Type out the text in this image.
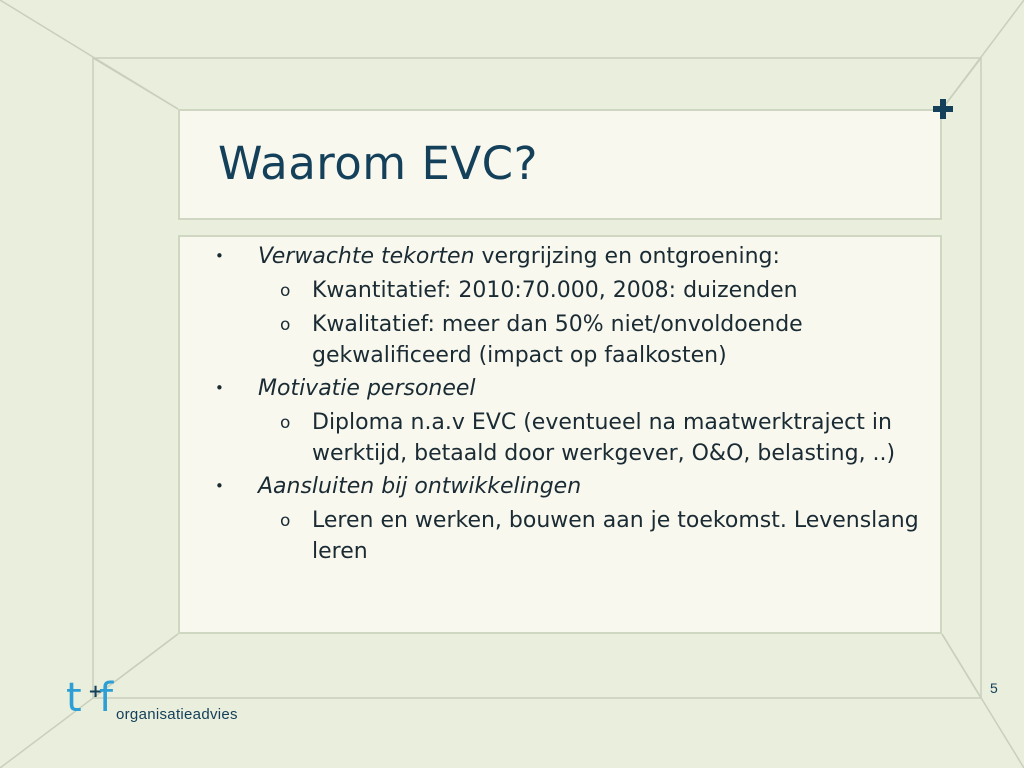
Waarom EVC?
• Verwachte tekorten vergrijzing en ontgroening:
o Kwantitatief: 2010:70.000, 2008: duizenden
o Kwalitatief: meer dan 50% niet/onvoldoende gekwalificeerd (impact op faalkosten)
• Motivatie personeel
o Diploma n.a.v EVC (eventueel na maatwerktraject in werktijd, betaald door werkgever, O&O, belasting, ..)
• Aansluiten bij ontwikkelingen
o Leren en werken, bouwen aan je toekomst. Levenslang leren
5
t +
f organisatieadvies
